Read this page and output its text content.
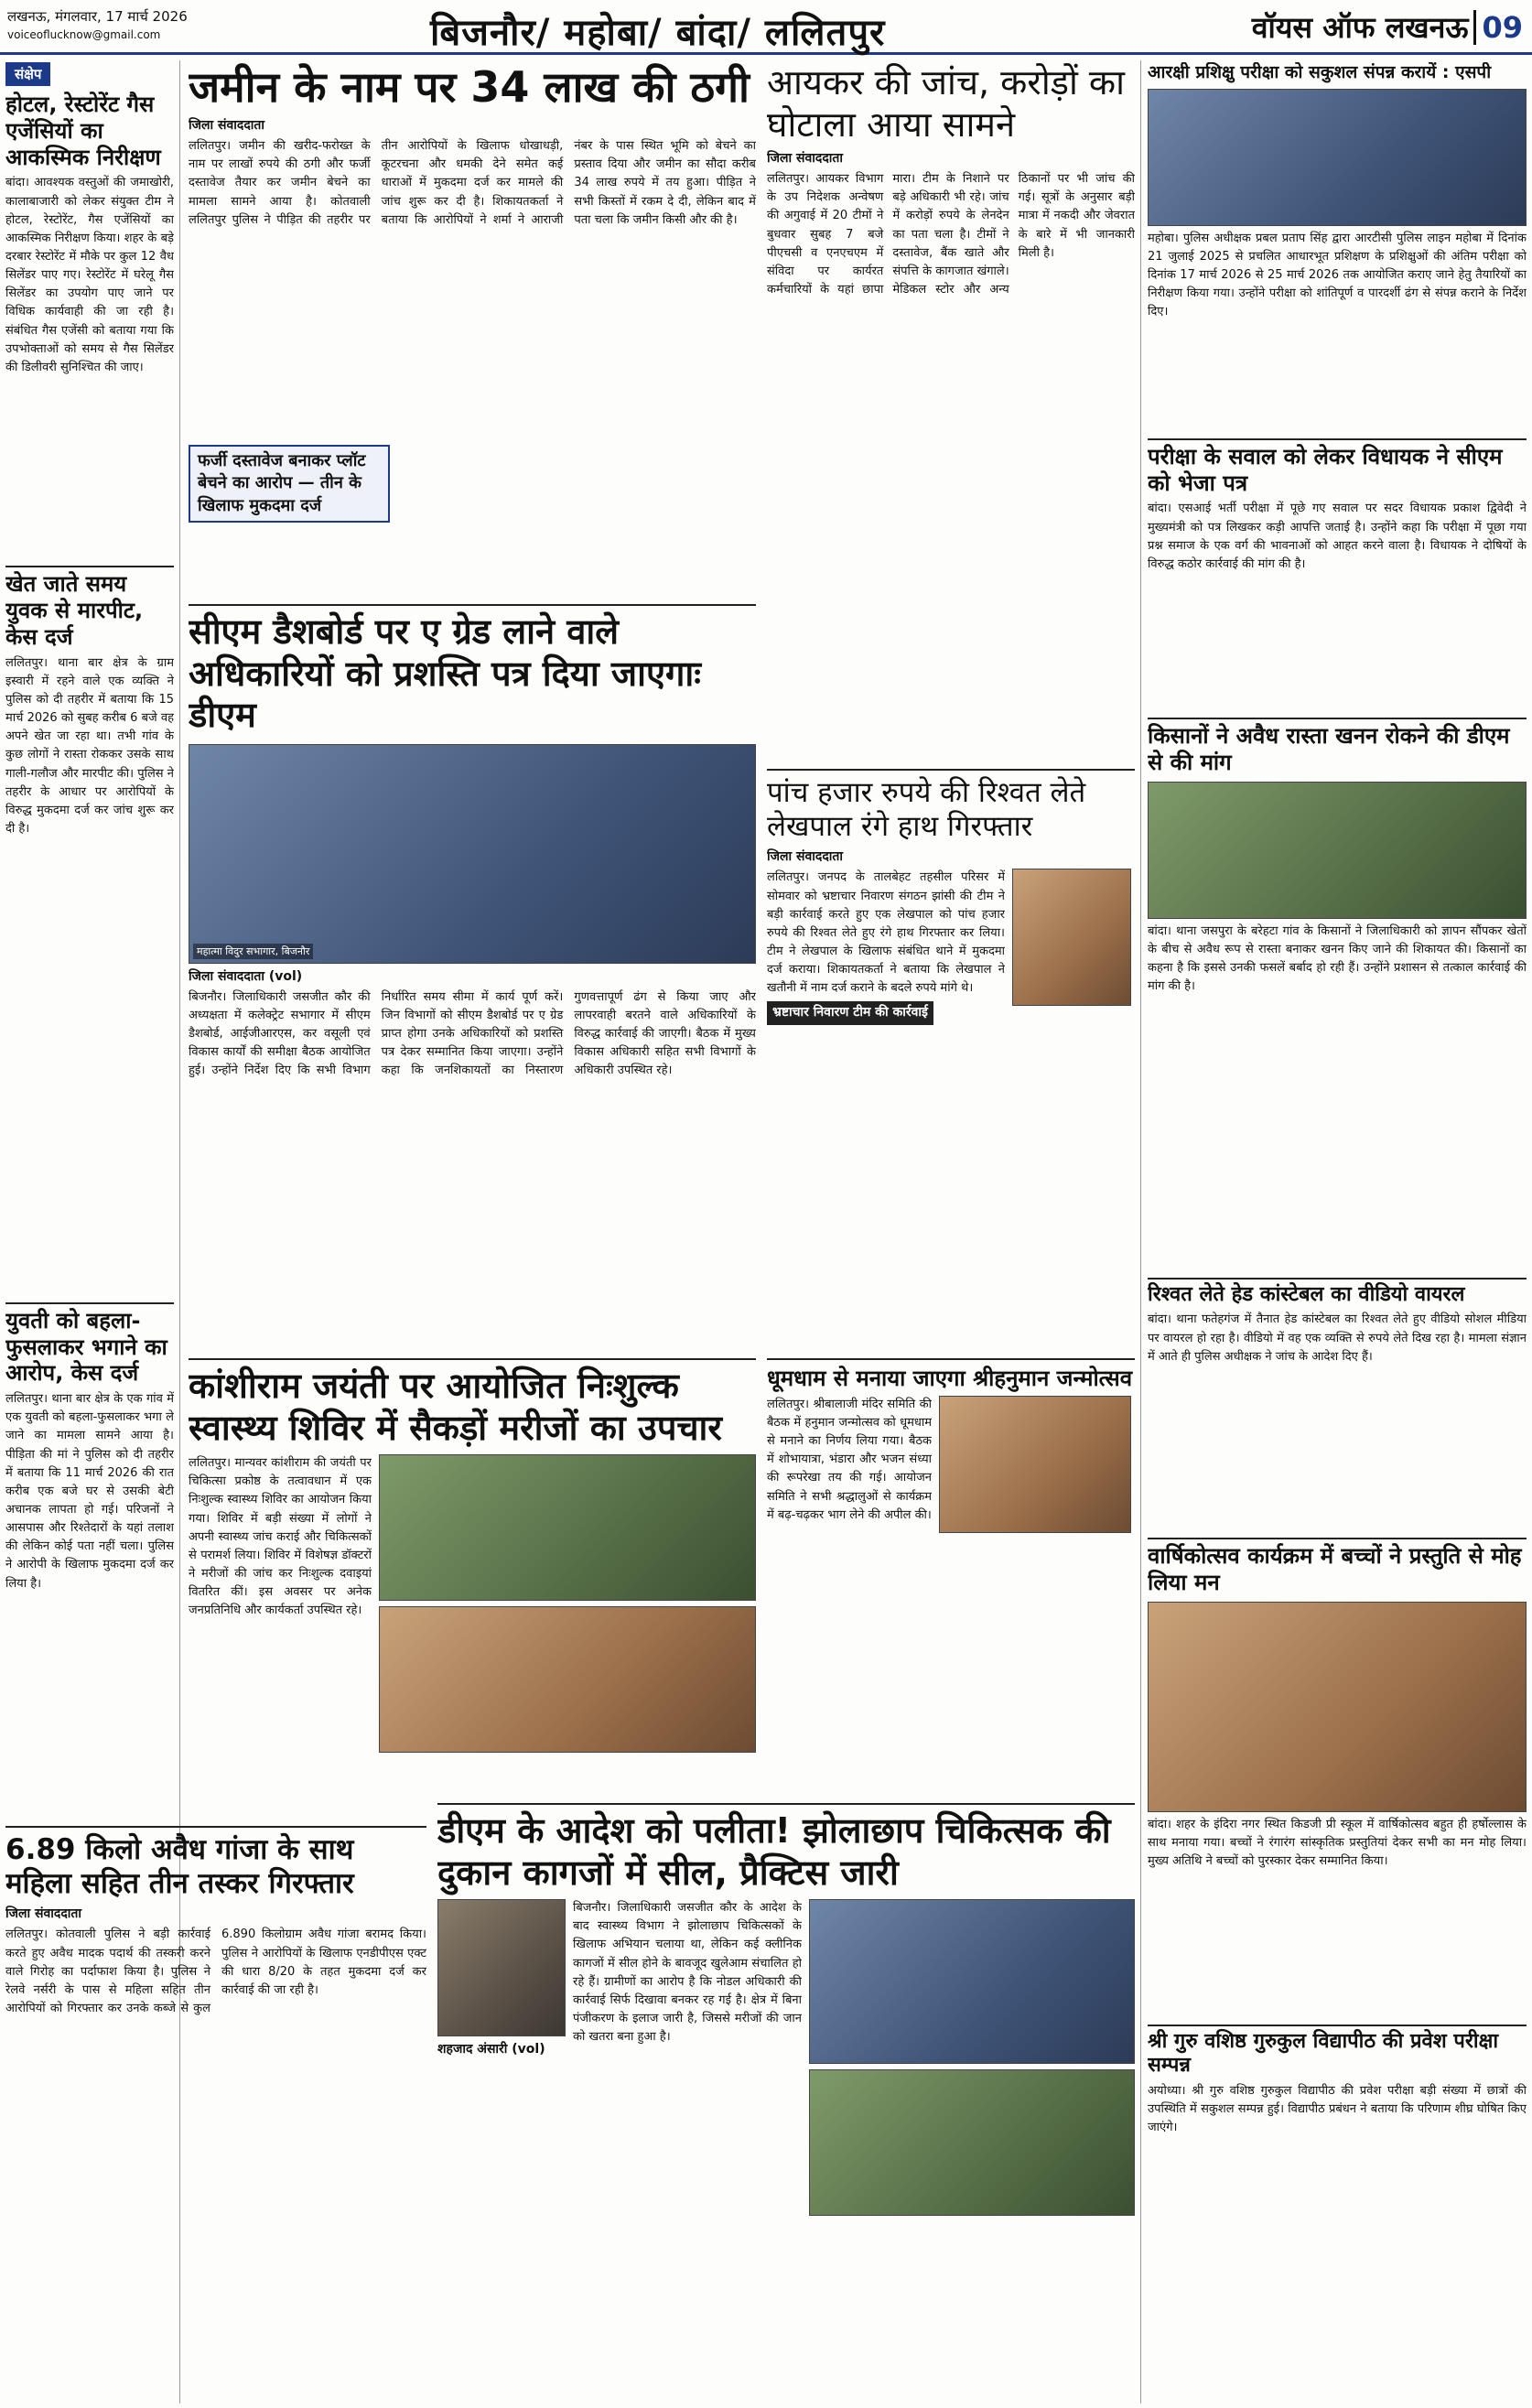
लखनऊ, मंगलवार, 17 मार्च 2026
voiceoflucknow@gmail.com	बिजनौर/ महोबा/ बांदा/ ललितपुर	वॉयस ऑफ लखनऊ 09
संक्षेप
होटल, रेस्टोरेंट गैस एजेंसियों का आकस्मिक निरीक्षण
बांदा। आवश्यक वस्तुओं की जमाखोरी, कालाबाजारी को लेकर संयुक्त टीम ने होटल, रेस्टोरेंट, गैस एजेंसियों का आकस्मिक निरीक्षण किया। शहर के बड़े दरबार रेस्टोरेंट में मौके पर कुल 12 वैध सिलेंडर पाए गए। रेस्टोरेंट में घरेलू गैस सिलेंडर का उपयोग पाए जाने पर विधिक कार्यवाही की जा रही है। संबंधित गैस एजेंसी को बताया गया कि उपभोक्ताओं को समय से गैस सिलेंडर की डिलीवरी सुनिश्चित की जाए।
खेत जाते समय युवक से मारपीट, केस दर्ज
ललितपुर। थाना बार क्षेत्र के ग्राम इस्वारी में रहने वाले एक व्यक्ति ने पुलिस को दी तहरीर में बताया कि 15 मार्च 2026 को सुबह करीब 6 बजे वह अपने खेत जा रहा था। तभी गांव के कुछ लोगों ने रास्ता रोककर उसके साथ गाली-गलौज और मारपीट की। पुलिस ने तहरीर के आधार पर आरोपियों के विरुद्ध मुकदमा दर्ज कर जांच शुरू कर दी है।
युवती को बहला-फुसलाकर भगाने का आरोप, केस दर्ज
ललितपुर। थाना बार क्षेत्र के एक गांव में एक युवती को बहला-फुसलाकर भगा ले जाने का मामला सामने आया है। पीड़िता की मां ने पुलिस को दी तहरीर में बताया कि 11 मार्च 2026 की रात करीब एक बजे घर से उसकी बेटी अचानक लापता हो गई। परिजनों ने आसपास और रिश्तेदारों के यहां तलाश की लेकिन कोई पता नहीं चला। पुलिस ने आरोपी के खिलाफ मुकदमा दर्ज कर लिया है।
6.89 किलो अवैध गांजा के साथ महिला सहित तीन तस्कर गिरफ्तार
जिला संवाददाता
ललितपुर। कोतवाली पुलिस ने बड़ी कार्रवाई करते हुए अवैध मादक पदार्थ की तस्करी करने वाले गिरोह का पर्दाफाश किया है। पुलिस ने रेलवे नर्सरी के पास से महिला सहित तीन आरोपियों को गिरफ्तार कर उनके कब्जे से कुल 6.890 किलोग्राम अवैध गांजा बरामद किया। पुलिस ने आरोपियों के खिलाफ एनडीपीएस एक्ट की धारा 8/20 के तहत मुकदमा दर्ज कर कार्रवाई की जा रही है।
जमीन के नाम पर 34 लाख की ठगी
जिला संवाददाता
ललितपुर। जमीन की खरीद-फरोख्त के नाम पर लाखों रुपये की ठगी और फर्जी दस्तावेज तैयार कर जमीन बेचने का मामला सामने आया है। कोतवाली ललितपुर पुलिस ने पीड़ित की तहरीर पर तीन आरोपियों के खिलाफ धोखाधड़ी, कूटरचना और धमकी देने समेत कई धाराओं में मुकदमा दर्ज कर मामले की जांच शुरू कर दी है। शिकायतकर्ता ने बताया कि आरोपियों ने शर्मा ने आराजी नंबर के पास स्थित भूमि को बेचने का प्रस्ताव दिया और जमीन का सौदा करीब 34 लाख रुपये में तय हुआ। पीड़ित ने सभी किस्तों में रकम दे दी, लेकिन बाद में पता चला कि जमीन किसी और की है।
फर्जी दस्तावेज बनाकर प्लॉट बेचने का आरोप — तीन के खिलाफ मुकदमा दर्ज
आयकर की जांच, करोड़ों का घोटाला आया सामने
जिला संवाददाता
ललितपुर। आयकर विभाग के उप निदेशक अन्वेषण की अगुवाई में 20 टीमों ने बुधवार सुबह 7 बजे पीएचसी व एनएचएम में संविदा पर कार्यरत कर्मचारियों के यहां छापा मारा। टीम के निशाने पर बड़े अधिकारी भी रहे। जांच में करोड़ों रुपये के लेनदेन का पता चला है। टीमों ने दस्तावेज, बैंक खाते और संपत्ति के कागजात खंगाले। मेडिकल स्टोर और अन्य ठिकानों पर भी जांच की गई। सूत्रों के अनुसार बड़ी मात्रा में नकदी और जेवरात के बारे में भी जानकारी मिली है।
सीएम डैशबोर्ड पर ए ग्रेड लाने वाले अधिकारियों को प्रशस्ति पत्र दिया जाएगाः डीएम
महात्मा विदुर सभागार, बिजनौर
जिला संवाददाता (vol)
बिजनौर। जिलाधिकारी जसजीत कौर की अध्यक्षता में कलेक्ट्रेट सभागार में सीएम डैशबोर्ड, आईजीआरएस, कर वसूली एवं विकास कार्यों की समीक्षा बैठक आयोजित हुई। उन्होंने निर्देश दिए कि सभी विभाग निर्धारित समय सीमा में कार्य पूर्ण करें। जिन विभागों को सीएम डैशबोर्ड पर ए ग्रेड प्राप्त होगा उनके अधिकारियों को प्रशस्ति पत्र देकर सम्मानित किया जाएगा। उन्होंने कहा कि जनशिकायतों का निस्तारण गुणवत्तापूर्ण ढंग से किया जाए और लापरवाही बरतने वाले अधिकारियों के विरुद्ध कार्रवाई की जाएगी। बैठक में मुख्य विकास अधिकारी सहित सभी विभागों के अधिकारी उपस्थित रहे।
पांच हजार रुपये की रिश्वत लेते लेखपाल रंगे हाथ गिरफ्तार
जिला संवाददाता
ललितपुर। जनपद के तालबेहट तहसील परिसर में सोमवार को भ्रष्टाचार निवारण संगठन झांसी की टीम ने बड़ी कार्रवाई करते हुए एक लेखपाल को पांच हजार रुपये की रिश्वत लेते हुए रंगे हाथ गिरफ्तार कर लिया। टीम ने लेखपाल के खिलाफ संबंधित थाने में मुकदमा दर्ज कराया। शिकायतकर्ता ने बताया कि लेखपाल ने खतौनी में नाम दर्ज कराने के बदले रुपये मांगे थे।
भ्रष्टाचार निवारण टीम की कार्रवाई
कांशीराम जयंती पर आयोजित निःशुल्क स्वास्थ्य शिविर में सैकड़ों मरीजों का उपचार
ललितपुर। मान्यवर कांशीराम की जयंती पर चिकित्सा प्रकोष्ठ के तत्वावधान में एक निःशुल्क स्वास्थ्य शिविर का आयोजन किया गया। शिविर में बड़ी संख्या में लोगों ने अपनी स्वास्थ्य जांच कराई और चिकित्सकों से परामर्श लिया। शिविर में विशेषज्ञ डॉक्टरों ने मरीजों की जांच कर निःशुल्क दवाइयां वितरित कीं। इस अवसर पर अनेक जनप्रतिनिधि और कार्यकर्ता उपस्थित रहे।
धूमधाम से मनाया जाएगा श्रीहनुमान जन्मोत्सव
ललितपुर। श्रीबालाजी मंदिर समिति की बैठक में हनुमान जन्मोत्सव को धूमधाम से मनाने का निर्णय लिया गया। बैठक में शोभायात्रा, भंडारा और भजन संध्या की रूपरेखा तय की गई। आयोजन समिति ने सभी श्रद्धालुओं से कार्यक्रम में बढ़-चढ़कर भाग लेने की अपील की।
डीएम के आदेश को पलीता! झोलाछाप चिकित्सक की दुकान कागजों में सील, प्रैक्टिस जारी
शहजाद अंसारी (vol)
बिजनौर। जिलाधिकारी जसजीत कौर के आदेश के बाद स्वास्थ्य विभाग ने झोलाछाप चिकित्सकों के खिलाफ अभियान चलाया था, लेकिन कई क्लीनिक कागजों में सील होने के बावजूद खुलेआम संचालित हो रहे हैं। ग्रामीणों का आरोप है कि नोडल अधिकारी की कार्रवाई सिर्फ दिखावा बनकर रह गई है। क्षेत्र में बिना पंजीकरण के इलाज जारी है, जिससे मरीजों की जान को खतरा बना हुआ है।
आरक्षी प्रशिक्षु परीक्षा को सकुशल संपन्न करायें : एसपी
महोबा। पुलिस अधीक्षक प्रबल प्रताप सिंह द्वारा आरटीसी पुलिस लाइन महोबा में दिनांक 21 जुलाई 2025 से प्रचलित आधारभूत प्रशिक्षण के प्रशिक्षुओं की अंतिम परीक्षा को दिनांक 17 मार्च 2026 से 25 मार्च 2026 तक आयोजित कराए जाने हेतु तैयारियों का निरीक्षण किया गया। उन्होंने परीक्षा को शांतिपूर्ण व पारदर्शी ढंग से संपन्न कराने के निर्देश दिए।
परीक्षा के सवाल को लेकर विधायक ने सीएम को भेजा पत्र
बांदा। एसआई भर्ती परीक्षा में पूछे गए सवाल पर सदर विधायक प्रकाश द्विवेदी ने मुख्यमंत्री को पत्र लिखकर कड़ी आपत्ति जताई है। उन्होंने कहा कि परीक्षा में पूछा गया प्रश्न समाज के एक वर्ग की भावनाओं को आहत करने वाला है। विधायक ने दोषियों के विरुद्ध कठोर कार्रवाई की मांग की है।
किसानों ने अवैध रास्ता खनन रोकने की डीएम से की मांग
बांदा। थाना जसपुरा के बरेहटा गांव के किसानों ने जिलाधिकारी को ज्ञापन सौंपकर खेतों के बीच से अवैध रूप से रास्ता बनाकर खनन किए जाने की शिकायत की। किसानों का कहना है कि इससे उनकी फसलें बर्बाद हो रही हैं। उन्होंने प्रशासन से तत्काल कार्रवाई की मांग की है।
रिश्वत लेते हेड कांस्टेबल का वीडियो वायरल
बांदा। थाना फतेहगंज में तैनात हेड कांस्टेबल का रिश्वत लेते हुए वीडियो सोशल मीडिया पर वायरल हो रहा है। वीडियो में वह एक व्यक्ति से रुपये लेते दिख रहा है। मामला संज्ञान में आते ही पुलिस अधीक्षक ने जांच के आदेश दिए हैं।
वार्षिकोत्सव कार्यक्रम में बच्चों ने प्रस्तुति से मोह लिया मन
बांदा। शहर के इंदिरा नगर स्थित किडजी प्री स्कूल में वार्षिकोत्सव बहुत ही हर्षोल्लास के साथ मनाया गया। बच्चों ने रंगारंग सांस्कृतिक प्रस्तुतियां देकर सभी का मन मोह लिया। मुख्य अतिथि ने बच्चों को पुरस्कार देकर सम्मानित किया।
श्री गुरु वशिष्ठ गुरुकुल विद्यापीठ की प्रवेश परीक्षा सम्पन्न
अयोध्या। श्री गुरु वशिष्ठ गुरुकुल विद्यापीठ की प्रवेश परीक्षा बड़ी संख्या में छात्रों की उपस्थिति में सकुशल सम्पन्न हुई। विद्यापीठ प्रबंधन ने बताया कि परिणाम शीघ्र घोषित किए जाएंगे।
